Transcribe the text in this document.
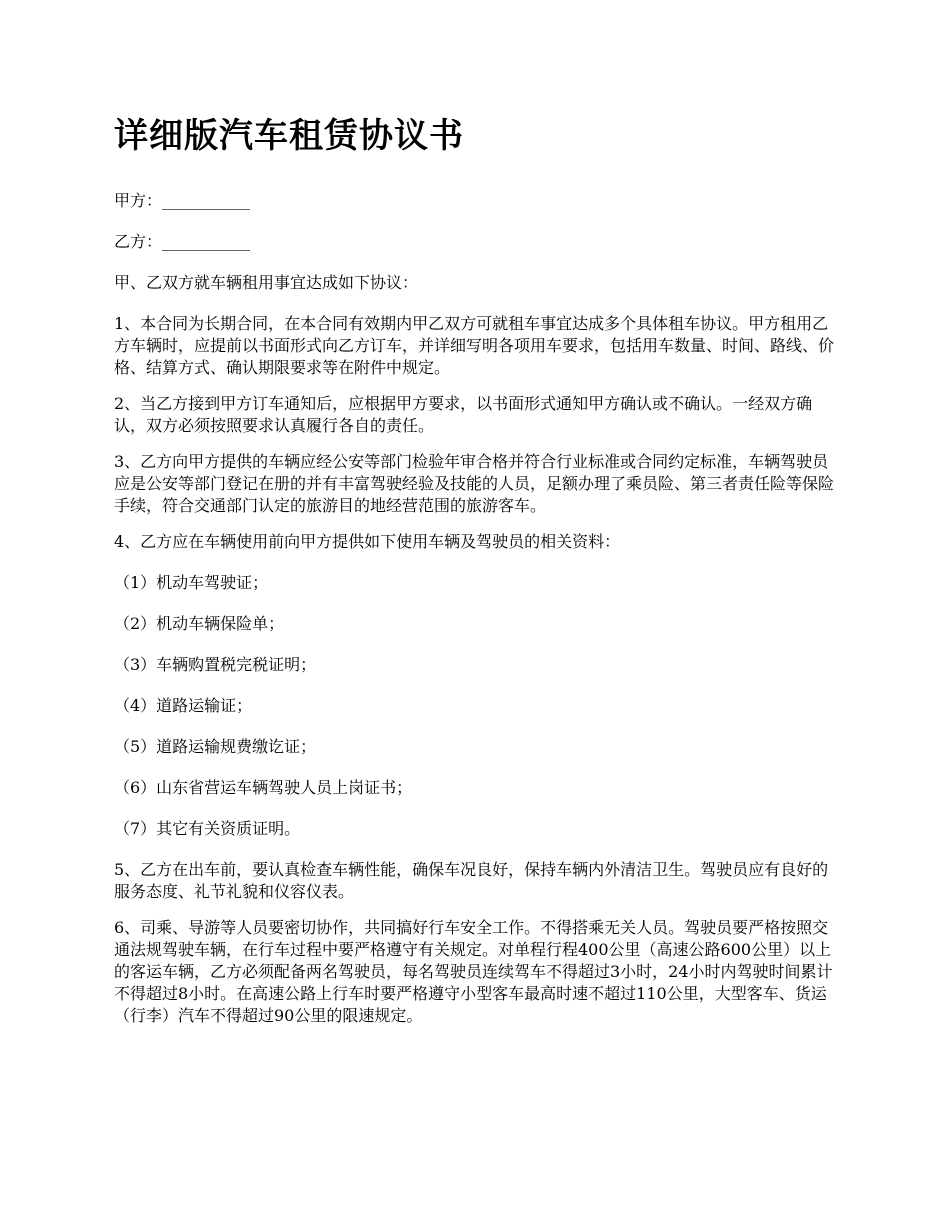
详细版汽车租赁协议书

甲方：___________

乙方：___________

甲、乙双方就车辆租用事宜达成如下协议：

1、本合同为长期合同，在本合同有效期内甲乙双方可就租车事宜达成多个具体租车协议。甲方租用乙方车辆时，应提前以书面形式向乙方订车，并详细写明各项用车要求，包括用车数量、时间、路线、价格、结算方式、确认期限要求等在附件中规定。

2、当乙方接到甲方订车通知后，应根据甲方要求，以书面形式通知甲方确认或不确认。一经双方确认，双方必须按照要求认真履行各自的责任。

3、乙方向甲方提供的车辆应经公安等部门检验年审合格并符合行业标准或合同约定标准，车辆驾驶员应是公安等部门登记在册的并有丰富驾驶经验及技能的人员，足额办理了乘员险、第三者责任险等保险手续，符合交通部门认定的旅游目的地经营范围的旅游客车。

4、乙方应在车辆使用前向甲方提供如下使用车辆及驾驶员的相关资料：

（1）机动车驾驶证；

（2）机动车辆保险单；

（3）车辆购置税完税证明；

（4）道路运输证；

（5）道路运输规费缴讫证；

（6）山东省营运车辆驾驶人员上岗证书；

（7）其它有关资质证明。

5、乙方在出车前，要认真检查车辆性能，确保车况良好，保持车辆内外清洁卫生。驾驶员应有良好的服务态度、礼节礼貌和仪容仪表。

6、司乘、导游等人员要密切协作，共同搞好行车安全工作。不得搭乘无关人员。驾驶员要严格按照交通法规驾驶车辆，在行车过程中要严格遵守有关规定。对单程行程400公里（高速公路600公里）以上的客运车辆，乙方必须配备两名驾驶员，每名驾驶员连续驾车不得超过3小时，24小时内驾驶时间累计不得超过8小时。在高速公路上行车时要严格遵守小型客车最高时速不超过110公里，大型客车、货运（行李）汽车不得超过90公里的限速规定。
